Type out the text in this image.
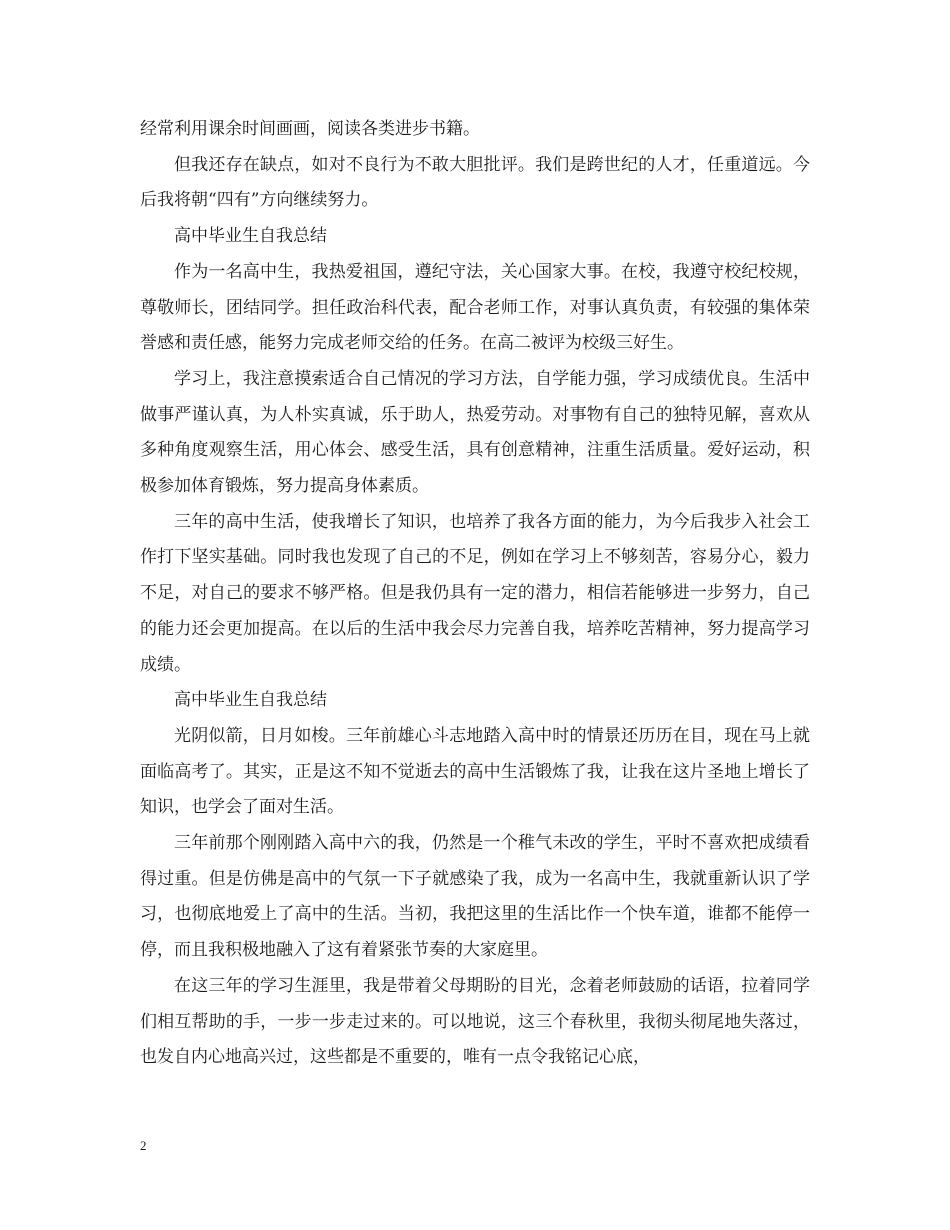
经常利用课余时间画画，阅读各类进步书籍。

但我还存在缺点，如对不良行为不敢大胆批评。我们是跨世纪的人才，任重道远。今后我将朝“四有”方向继续努力。

高中毕业生自我总结

作为一名高中生，我热爱祖国，遵纪守法，关心国家大事。在校，我遵守校纪校规，尊敬师长，团结同学。担任政治科代表，配合老师工作，对事认真负责，有较强的集体荣誉感和责任感，能努力完成老师交给的任务。在高二被评为校级三好生。

学习上，我注意摸索适合自己情况的学习方法，自学能力强，学习成绩优良。生活中做事严谨认真，为人朴实真诚，乐于助人，热爱劳动。对事物有自己的独特见解，喜欢从多种角度观察生活，用心体会、感受生活，具有创意精神，注重生活质量。爱好运动，积极参加体育锻炼，努力提高身体素质。

三年的高中生活，使我增长了知识，也培养了我各方面的能力，为今后我步入社会工作打下坚实基础。同时我也发现了自己的不足，例如在学习上不够刻苦，容易分心，毅力不足，对自己的要求不够严格。但是我仍具有一定的潜力，相信若能够进一步努力，自己的能力还会更加提高。在以后的生活中我会尽力完善自我，培养吃苦精神，努力提高学习成绩。

高中毕业生自我总结

光阴似箭，日月如梭。三年前雄心斗志地踏入高中时的情景还历历在目，现在马上就面临高考了。其实，正是这不知不觉逝去的高中生活锻炼了我，让我在这片圣地上增长了知识，也学会了面对生活。

三年前那个刚刚踏入高中六的我，仍然是一个稚气未改的学生，平时不喜欢把成绩看得过重。但是仿佛是高中的气氛一下子就感染了我，成为一名高中生，我就重新认识了学习，也彻底地爱上了高中的生活。当初，我把这里的生活比作一个快车道，谁都不能停一停，而且我积极地融入了这有着紧张节奏的大家庭里。

在这三年的学习生涯里，我是带着父母期盼的目光，念着老师鼓励的话语，拉着同学们相互帮助的手，一步一步走过来的。可以地说，这三个春秋里，我彻头彻尾地失落过，也发自内心地高兴过，这些都是不重要的，唯有一点令我铭记心底，

2
